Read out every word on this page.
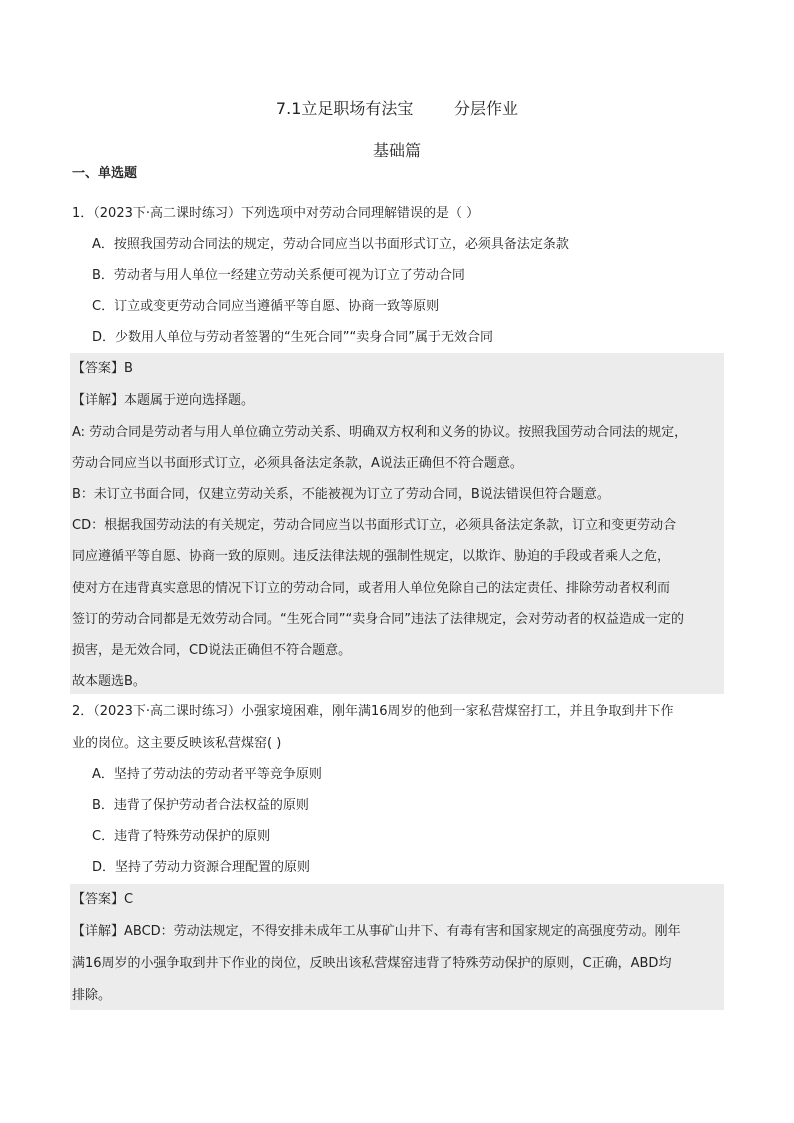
7.1立足职场有法宝        分层作业
基础篇
一、单选题
1．（2023下·高二课时练习）下列选项中对劳动合同理解错误的是（ ）
A．按照我国劳动合同法的规定，劳动合同应当以书面形式订立，必须具备法定条款
B．劳动者与用人单位一经建立劳动关系便可视为订立了劳动合同
C．订立或变更劳动合同应当遵循平等自愿、协商一致等原则
D．少数用人单位与劳动者签署的“生死合同”“卖身合同”属于无效合同
【答案】B
【详解】本题属于逆向选择题。
A: 劳动合同是劳动者与用人单位确立劳动关系、明确双方权利和义务的协议。按照我国劳动合同法的规定，
劳动合同应当以书面形式订立，必须具备法定条款，A说法正确但不符合题意。
B：未订立书面合同，仅建立劳动关系，不能被视为订立了劳动合同，B说法错误但符合题意。
CD：根据我国劳动法的有关规定，劳动合同应当以书面形式订立，必须具备法定条款，订立和变更劳动合
同应遵循平等自愿、协商一致的原则。违反法律法规的强制性规定，以欺诈、胁迫的手段或者乘人之危，
使对方在违背真实意思的情况下订立的劳动合同，或者用人单位免除自己的法定责任、排除劳动者权利而
签订的劳动合同都是无效劳动合同。“生死合同”“卖身合同”违法了法律规定，会对劳动者的权益造成一定的
损害，是无效合同，CD说法正确但不符合题意。
故本题选B。
2．（2023下·高二课时练习）小强家境困难，刚年满16周岁的他到一家私营煤窑打工，并且争取到井下作
业的岗位。这主要反映该私营煤窑( )
A．坚持了劳动法的劳动者平等竞争原则
B．违背了保护劳动者合法权益的原则
C．违背了特殊劳动保护的原则
D．坚持了劳动力资源合理配置的原则
【答案】C
【详解】ABCD：劳动法规定，不得安排未成年工从事矿山井下、有毒有害和国家规定的高强度劳动。刚年
满16周岁的小强争取到井下作业的岗位，反映出该私营煤窑违背了特殊劳动保护的原则，C正确，ABD均
排除。
